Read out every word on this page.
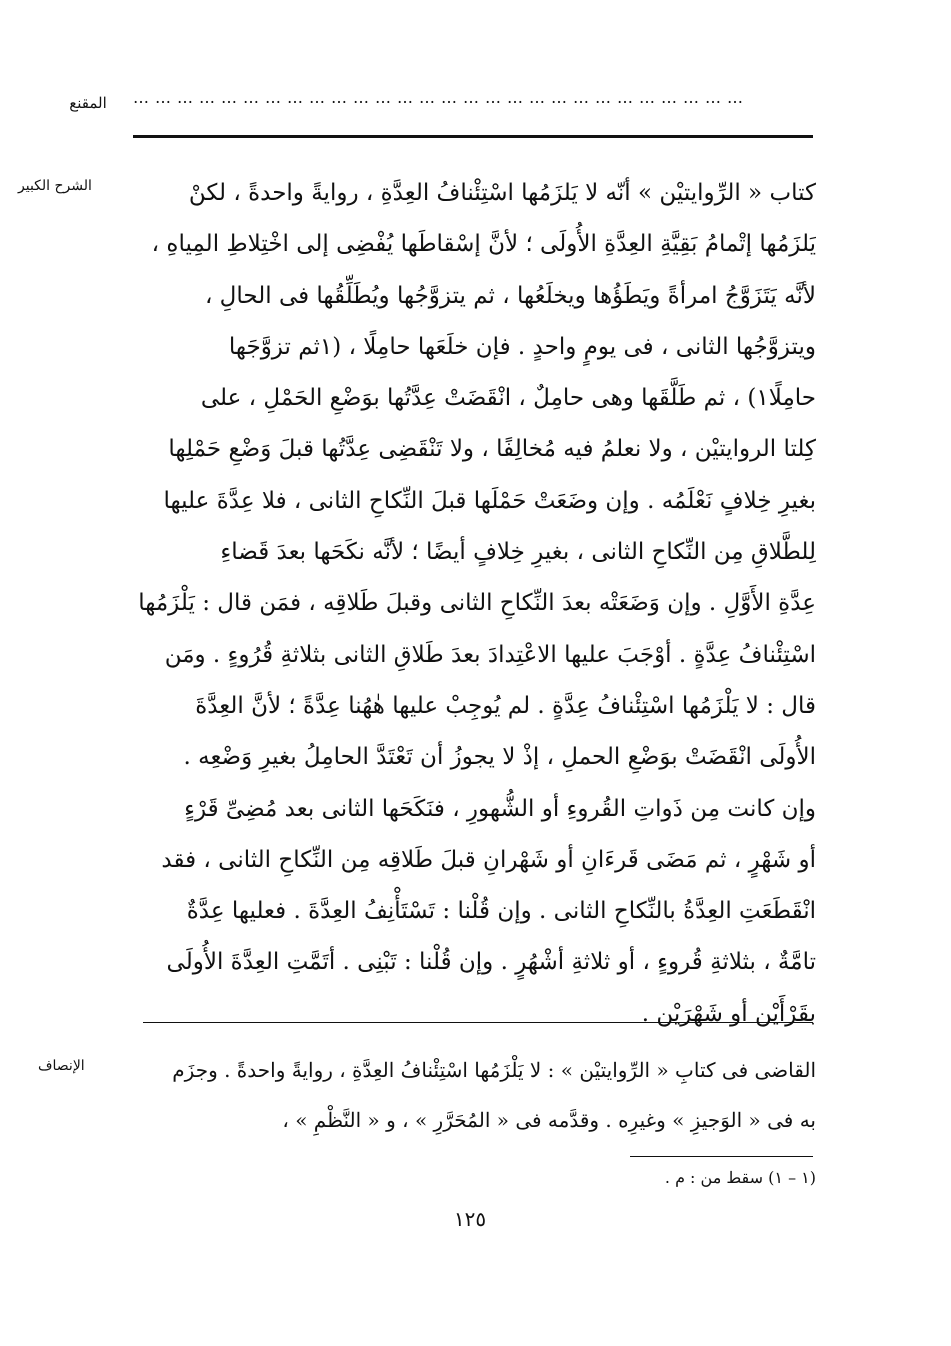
المقنع	…………………………………………………………………………
الشرح الكبير	كتاب « الرِّوايتيْن » أنّه لا يَلزَمُها اسْتِئْنافُ العِدَّةِ ، روايةً واحدةً ، لكنْ
يَلزَمُها إتْمامُ بَقِيَّةِ العِدَّةِ الأُولَى ؛ لأنَّ إسْقاطَها يُفْضِى إلى اخْتِلاطِ المِياهِ ،
لأنَّه يَتَزَوَّجُ امرأةً ويَطَؤُها ويخلَعُها ، ثم يتزوَّجُها ويُطَلِّقُها فى الحالِ ،
ويتزوَّجُها الثانى ، فى يومٍ واحدٍ . فإن خلَعَها حامِلًا ، (١ثم تزوَّجَها
حامِلًا١) ، ثم طَلَّقَها وهى حامِلٌ ، انْقَضَتْ عِدَّتُها بوَضْعِ الحَمْلِ ، على
كِلتا الروايتيْن ، ولا نعلمُ فيه مُخالِفًا ، ولا تَنْقَضِى عِدَّتُها قبلَ وَضْعِ حَمْلِها
بغيرِ خِلافٍ نَعْلَمُه . وإن وضَعَتْ حَمْلَها قبلَ النِّكاحِ الثانى ، فلا عِدَّةَ عليها
لِلطَّلاقِ مِن النِّكاحِ الثانى ، بغيرِ خِلافٍ أيضًا ؛ لأنَّه نكَحَها بعدَ قَضاءِ
عِدَّةِ الأَوَّلِ . وإن وَضَعَتْه بعدَ النِّكاحِ الثانى وقبلَ طَلاقِه ، فمَن قال : يَلْزَمُها
اسْتِئْنافُ عِدَّةٍ . أوْجَبَ عليها الاعْتِدادَ بعدَ طَلاقِ الثانى بثلاثةِ قُرُوءٍ . ومَن
قال : لا يَلْزَمُها اسْتِئْنافُ عِدَّةٍ . لم يُوجِبْ عليها هٰهُنا عِدَّةً ؛ لأنَّ العِدَّةَ
الأُولَى انْقَضَتْ بوَضْعِ الحملِ ، إذْ لا يجوزُ أن تَعْتَدَّ الحامِلُ بغيرِ وَضْعِه .
وإن كانت مِن ذَواتِ القُروءِ أو الشُّهورِ ، فنَكَحَها الثانى بعد مُضِىِّ قَرْءٍ
أو شَهْرٍ ، ثم مَضَى قَرءَانِ أو شَهْرانِ قبلَ طَلاقِه مِن النِّكاحِ الثانى ، فقد
انْقَطَعَتِ العِدَّةُ بالنِّكاحِ الثانى . وإن قُلْنا : تَسْتَأْنِفُ العِدَّةَ . فعليها عِدَّةٌ
تامَّةٌ ، بثلاثةِ قُروءٍ ، أو ثلاثةِ أشْهُرٍ . وإن قُلْنا : تَبْنِى . أتَمَّتِ العِدَّةَ الأُولَى
بقَرْأَيْن أو شَهْرَيْن .
الإنصاف	القاضى فى كتابِ « الرِّوايتيْن » : لا يَلْزَمُها اسْتِئْنافُ العِدَّةِ ، روايةً واحدةً . وجزَم
به فى « الوَجيزِ » وغيرِه . وقدَّمه فى « المُحَرَّرِ » ، و « النَّظْمِ » ،
(١ – ١) سقط من : م .
١٢٥
